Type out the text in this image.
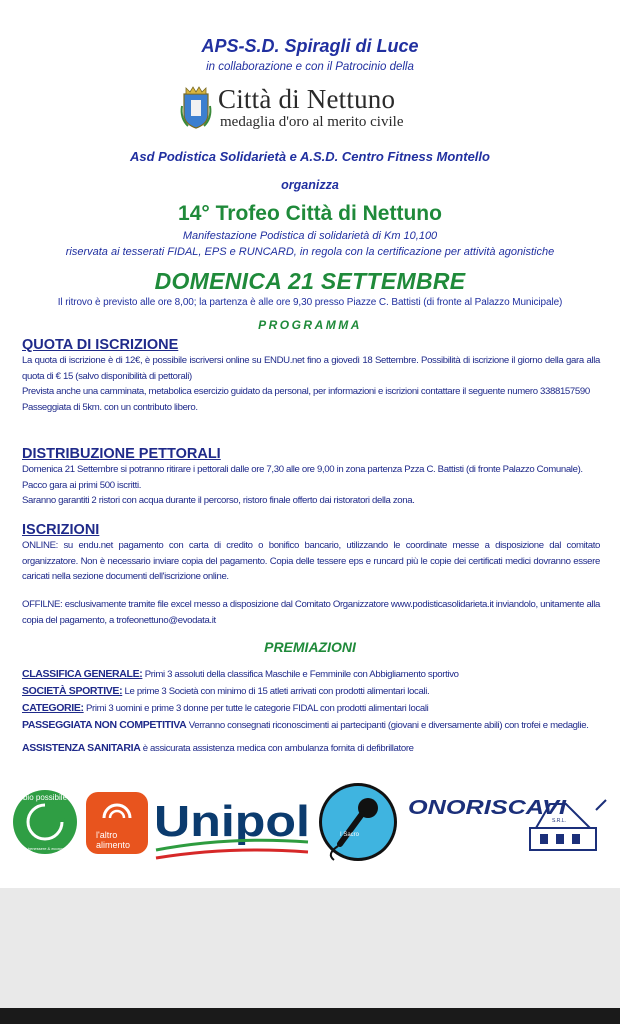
APS-S.D. Spiragli di Luce
in collaborazione e con il Patrocinio della
Città di Nettuno
medaglia d'oro al merito civile
Asd Podistica Solidarietà e A.S.D. Centro Fitness Montello
organizza
14° Trofeo Città di Nettuno
Manifestazione Podistica di solidarietà di Km 10,100
riservata ai tesserati FIDAL, EPS e RUNCARD, in regola con la certificazione per attività agonistiche
DOMENICA 21 SETTEMBRE
Il ritrovo è previsto alle ore 8,00; la partenza è alle ore 9,30 presso Piazze C. Battisti (di fronte al Palazzo Municipale)
PROGRAMMA
QUOTA DI ISCRIZIONE
La quota di iscrizione è di 12€, è possibile iscriversi online su ENDU.net fino a giovedì 18 Settembre. Possibilità di iscrizione il giorno della gara alla quota di € 15 (salvo disponibilità di pettorali)
Prevista anche una camminata, metabolica esercizio guidato da personal, per informazioni e iscrizioni contattare il seguente numero 3388157590
Passeggiata di 5km. con un contributo libero.
DISTRIBUZIONE PETTORALI
Domenica 21 Settembre si potranno ritirare i pettorali dalle ore 7,30 alle ore 9,00 in zona partenza Pzza C. Battisti (di fronte Palazzo Comunale).
Pacco gara ai primi 500 iscritti.
Saranno garantiti 2 ristori con acqua durante il percorso, ristoro finale offerto dai ristoratori della zona.
ISCRIZIONI
ONLINE: su endu.net pagamento con carta di credito o bonifico bancario, utilizzando le coordinate messe a disposizione dal comitato organizzatore. Non è necessario inviare copia del pagamento. Copia delle tessere eps e runcard più le copie dei certificati medici dovranno essere caricati nella sezione documenti dell'iscrizione online.
OFFILNE: esclusivamente tramite file excel messo a disposizione dal Comitato Organizzatore www.podisticasolidarieta.it inviandolo, unitamente alla copia del pagamento, a trofeonettuno@evodata.it
PREMIAZIONI
CLASSIFICA GENERALE: Primi 3 assoluti della classifica Maschile e Femminile con Abbigliamento sportivo
SOCIETÀ SPORTIVE: Le prime 3 Società con minimo di 15 atleti arrivati con prodotti alimentari locali.
CATEGORIE: Primi 3 uomini e prime 3 donne per tutte le categorie FIDAL con prodotti alimentari locali
PASSEGGIATA NON COMPETITIVA Verranno consegnati riconoscimenti ai partecipanti (giovani e diversamente abili) con trofei e medaglie.
ASSISTENZA SANITARIA è assicurata assistenza medica con ambulanza fornita di defibrillatore
bio possibile
bio benessere & economia
l'altro
alimento Unipol	I Sacro
ONORISCAVI
S.R.L.
